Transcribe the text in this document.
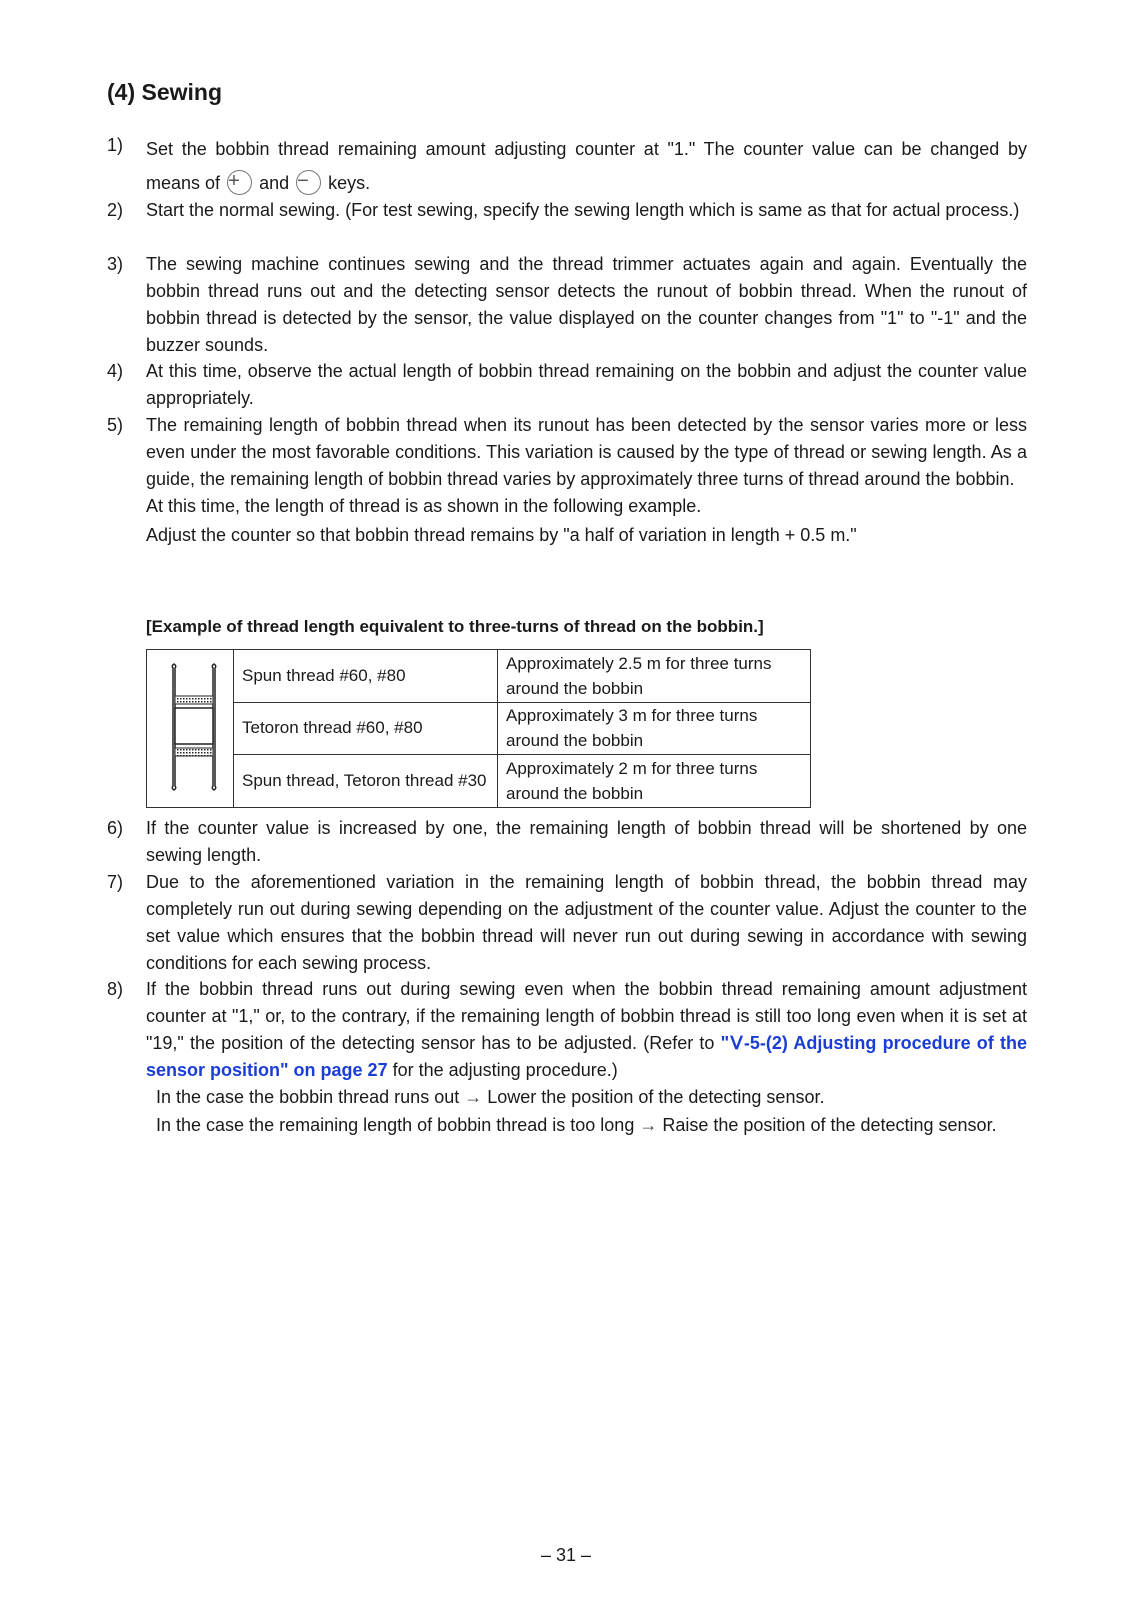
(4) Sewing
1) Set the bobbin thread remaining amount adjusting counter at "1." The counter value can be changed by means of + and − keys.
2) Start the normal sewing. (For test sewing, specify the sewing length which is same as that for actual process.)

3) The sewing machine continues sewing and the thread trimmer actuates again and again. Eventually the bobbin thread runs out and the detecting sensor detects the runout of bobbin thread. When the runout of bobbin thread is detected by the sensor, the value displayed on the counter changes from "1" to "-1" and the buzzer sounds.

4) At this time, observe the actual length of bobbin thread remaining on the bobbin and adjust the counter value appropriately.

5) The remaining length of bobbin thread when its runout has been detected by the sensor varies more or less even under the most favorable conditions. This variation is caused by the type of thread or sewing length. As a guide, the remaining length of bobbin thread varies by approximately three turns of thread around the bobbin.

At this time, the length of thread is as shown in the following example.

Adjust the counter so that bobbin thread remains by "a half of variation in length + 0.5 m."

[Example of thread length equivalent to three-turns of thread on the bobbin.]
	Spun thread #60, #80	Approximately 2.5 m for three turns around the bobbin
	Tetoron thread #60, #80	Approximately 3 m for three turns around the bobbin
	Spun thread, Tetoron thread #30	Approximately 2 m for three turns around the bobbin
6) If the counter value is increased by one, the remaining length of bobbin thread will be shortened by one sewing length.

7) Due to the aforementioned variation in the remaining length of bobbin thread, the bobbin thread may completely run out during sewing depending on the adjustment of the counter value. Adjust the counter to the set value which ensures that the bobbin thread will never run out during sewing in accordance with sewing conditions for each sewing process.

8) If the bobbin thread runs out during sewing even when the bobbin thread remaining amount adjustment counter at "1," or, to the contrary, if the remaining length of bobbin thread is still too long even when it is set at "19," the position of the detecting sensor has to be adjusted. (Refer to "Ⅴ-5-(2) Adjusting procedure of the sensor position" on page 27 for the adjusting procedure.)

In the case the bobbin thread runs out → Lower the position of the detecting sensor.

In the case the remaining length of bobbin thread is too long → Raise the position of the detecting sensor.

– 31 –
